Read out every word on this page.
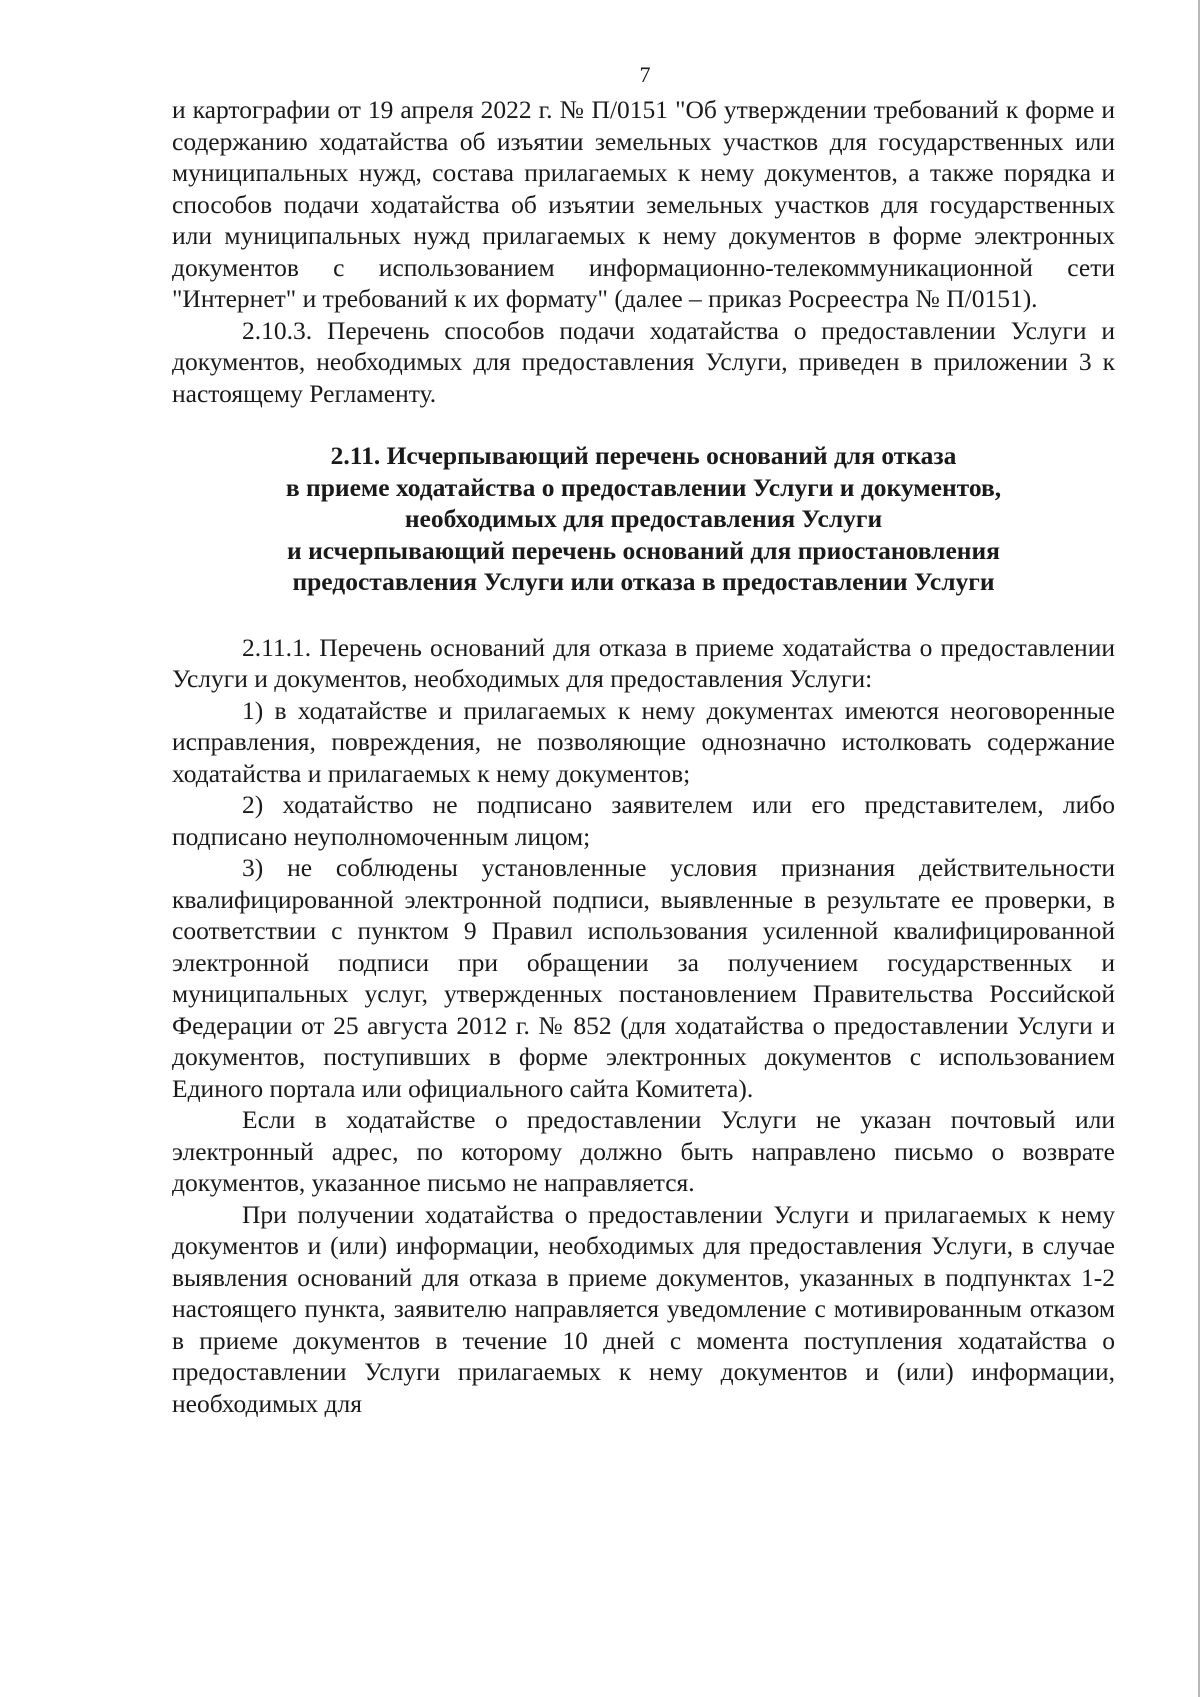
7

и картографии от 19 апреля 2022 г. № П/0151 "Об утверждении требований к форме и содержанию ходатайства об изъятии земельных участков для государственных или муниципальных нужд, состава прилагаемых к нему документов, а также порядка и способов подачи ходатайства об изъятии земельных участков для государственных или муниципальных нужд прилагаемых к нему документов в форме электронных документов с использованием информационно-телекоммуникационной сети "Интернет" и требований к их формату" (далее – приказ Росреестра № П/0151).

2.10.3. Перечень способов подачи ходатайства о предоставлении Услуги и документов, необходимых для предоставления Услуги, приведен в приложении 3 к настоящему Регламенту.

2.11. Исчерпывающий перечень оснований для отказа
в приеме ходатайства о предоставлении Услуги и документов,
необходимых для предоставления Услуги
и исчерпывающий перечень оснований для приостановления
предоставления Услуги или отказа в предоставлении Услуги

2.11.1. Перечень оснований для отказа в приеме ходатайства о предоставлении Услуги и документов, необходимых для предоставления Услуги:

1) в ходатайстве и прилагаемых к нему документах имеются неоговоренные исправления, повреждения, не позволяющие однозначно истолковать содержание ходатайства и прилагаемых к нему документов;

2) ходатайство не подписано заявителем или его представителем, либо подписано неуполномоченным лицом;

3) не соблюдены установленные условия признания действительности квалифицированной электронной подписи, выявленные в результате ее проверки, в соответствии с пунктом 9 Правил использования усиленной квалифицированной электронной подписи при обращении за получением государственных и муниципальных услуг, утвержденных постановлением Правительства Российской Федерации от 25 августа 2012 г. № 852 (для ходатайства о предоставлении Услуги и документов, поступивших в форме электронных документов с использованием Единого портала или официального сайта Комитета).

Если в ходатайстве о предоставлении Услуги не указан почтовый или электронный адрес, по которому должно быть направлено письмо о возврате документов, указанное письмо не направляется.

При получении ходатайства о предоставлении Услуги и прилагаемых к нему документов и (или) информации, необходимых для предоставления Услуги, в случае выявления оснований для отказа в приеме документов, указанных в подпунктах 1-2 настоящего пункта, заявителю направляется уведомление с мотивированным отказом в приеме документов в течение 10 дней с момента поступления ходатайства о предоставлении Услуги прилагаемых к нему документов и (или) информации, необходимых для
